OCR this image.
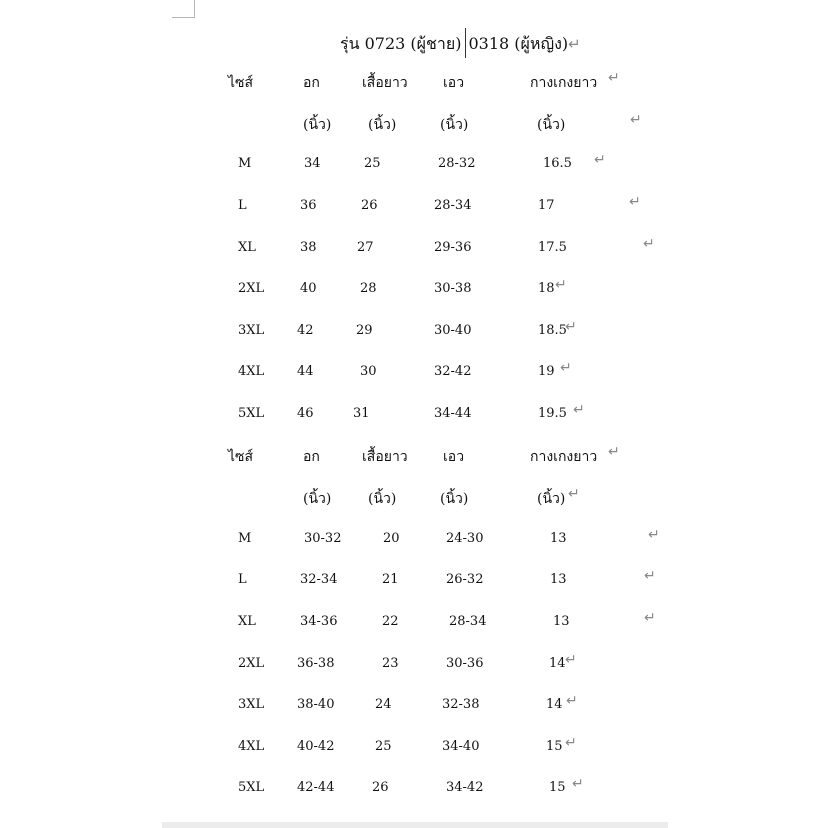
รุ่น 0723 (ผู้ชาย) 0318 (ผู้หญิง)↵
ไซส์	อก	เสื้อยาว	เอว	กางเกงยาว ↵
(นิ้ว)	(นิ้ว)	(นิ้ว)	(นิ้ว)	↵
M	34	25	28-32	16.5 ↵
L	36	26	28-34	17	↵
XL	38	27	29-36	17.5	↵
2XL	40	28	30-38	18 ↵
3XL	42	29	30-40	18.5
↵
4XL	44	30	32-42	19 ↵
5XL	46	31	34-44	19.5 ↵
ไซส์	อก	เสื้อยาว	เอว	กางเกงยาว ↵
(นิ้ว)	(นิ้ว)	(นิ้ว)	(นิ้ว) ↵
M	30-32	20	24-30	13	↵
L	32-34	21	26-32	13	↵
XL	34-36	22	28-34	13	↵
2XL	36-38	23	30-36	14 ↵
3XL	38-40	24	32-38	14 ↵
4XL	40-42	25	34-40	15 ↵
5XL	42-44	26	34-42	15 ↵
